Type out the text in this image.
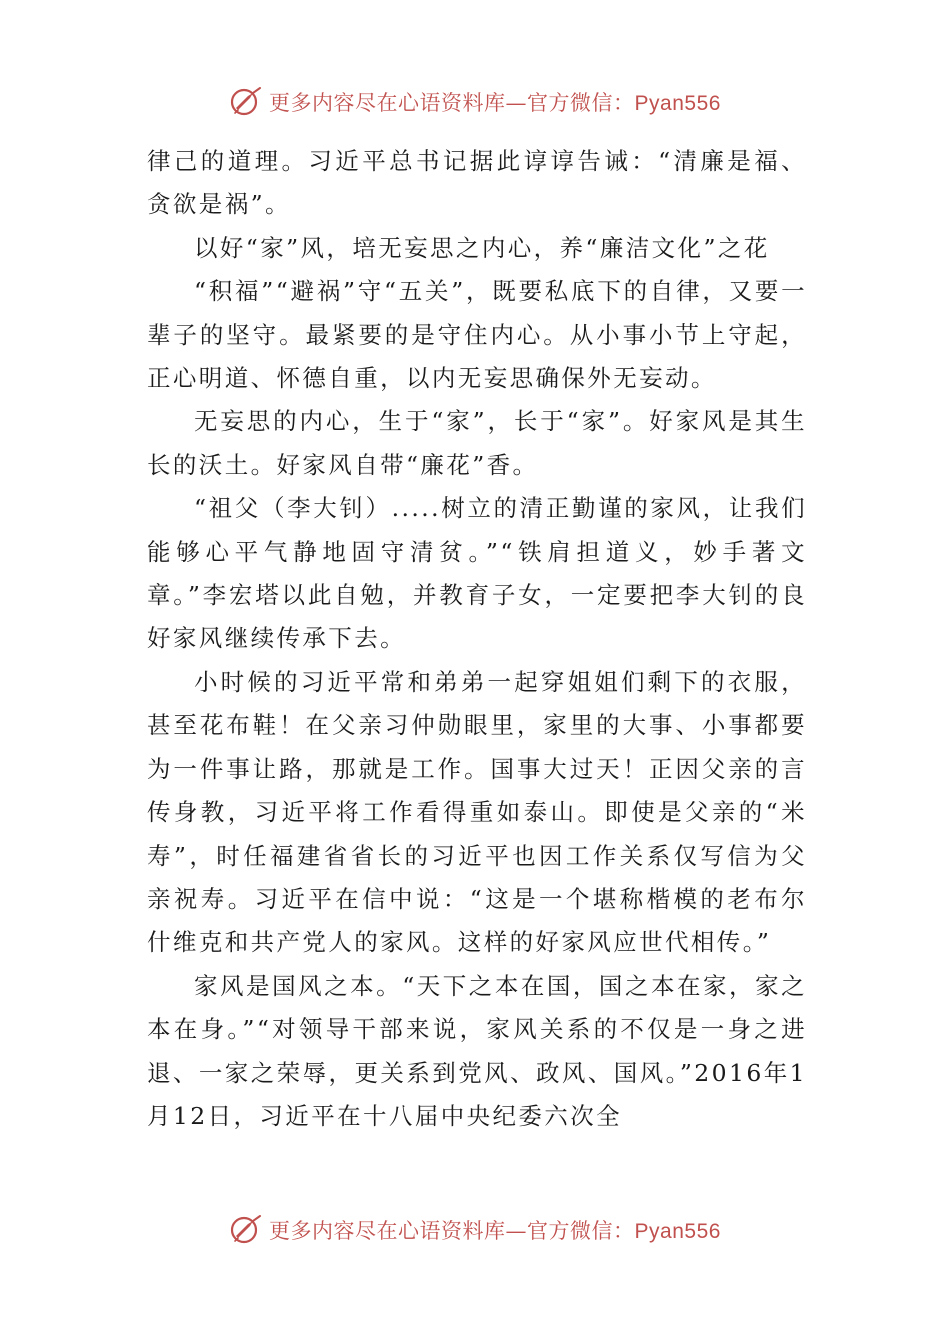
更多内容尽在心语资料库—官方微信：Pyan556

律己的道理。习近平总书记据此谆谆告诫：“清廉是福、贪欲是祸”。

以好“家”风，培无妄思之内心，养“廉洁文化”之花

“积福”“避祸”守“五关”，既要私底下的自律，又要一辈子的坚守。最紧要的是守住内心。从小事小节上守起，正心明道、怀德自重，以内无妄思确保外无妄动。

无妄思的内心，生于“家”，长于“家”。好家风是其生长的沃土。好家风自带“廉花”香。

“祖父（李大钊）.....树立的清正勤谨的家风，让我们能够心平气静地固守清贫。”“铁肩担道义，妙手著文章。”李宏塔以此自勉，并教育子女，一定要把李大钊的良好家风继续传承下去。

小时候的习近平常和弟弟一起穿姐姐们剩下的衣服，甚至花布鞋！在父亲习仲勋眼里，家里的大事、小事都要为一件事让路，那就是工作。国事大过天！正因父亲的言传身教，习近平将工作看得重如泰山。即使是父亲的“米寿”，时任福建省省长的习近平也因工作关系仅写信为父亲祝寿。习近平在信中说：“这是一个堪称楷模的老布尔什维克和共产党人的家风。这样的好家风应世代相传。”

家风是国风之本。“天下之本在国，国之本在家，家之本在身。”“对领导干部来说，家风关系的不仅是一身之进退、一家之荣辱，更关系到党风、政风、国风。”2016年1月12日，习近平在十八届中央纪委六次全

更多内容尽在心语资料库—官方微信：Pyan556
